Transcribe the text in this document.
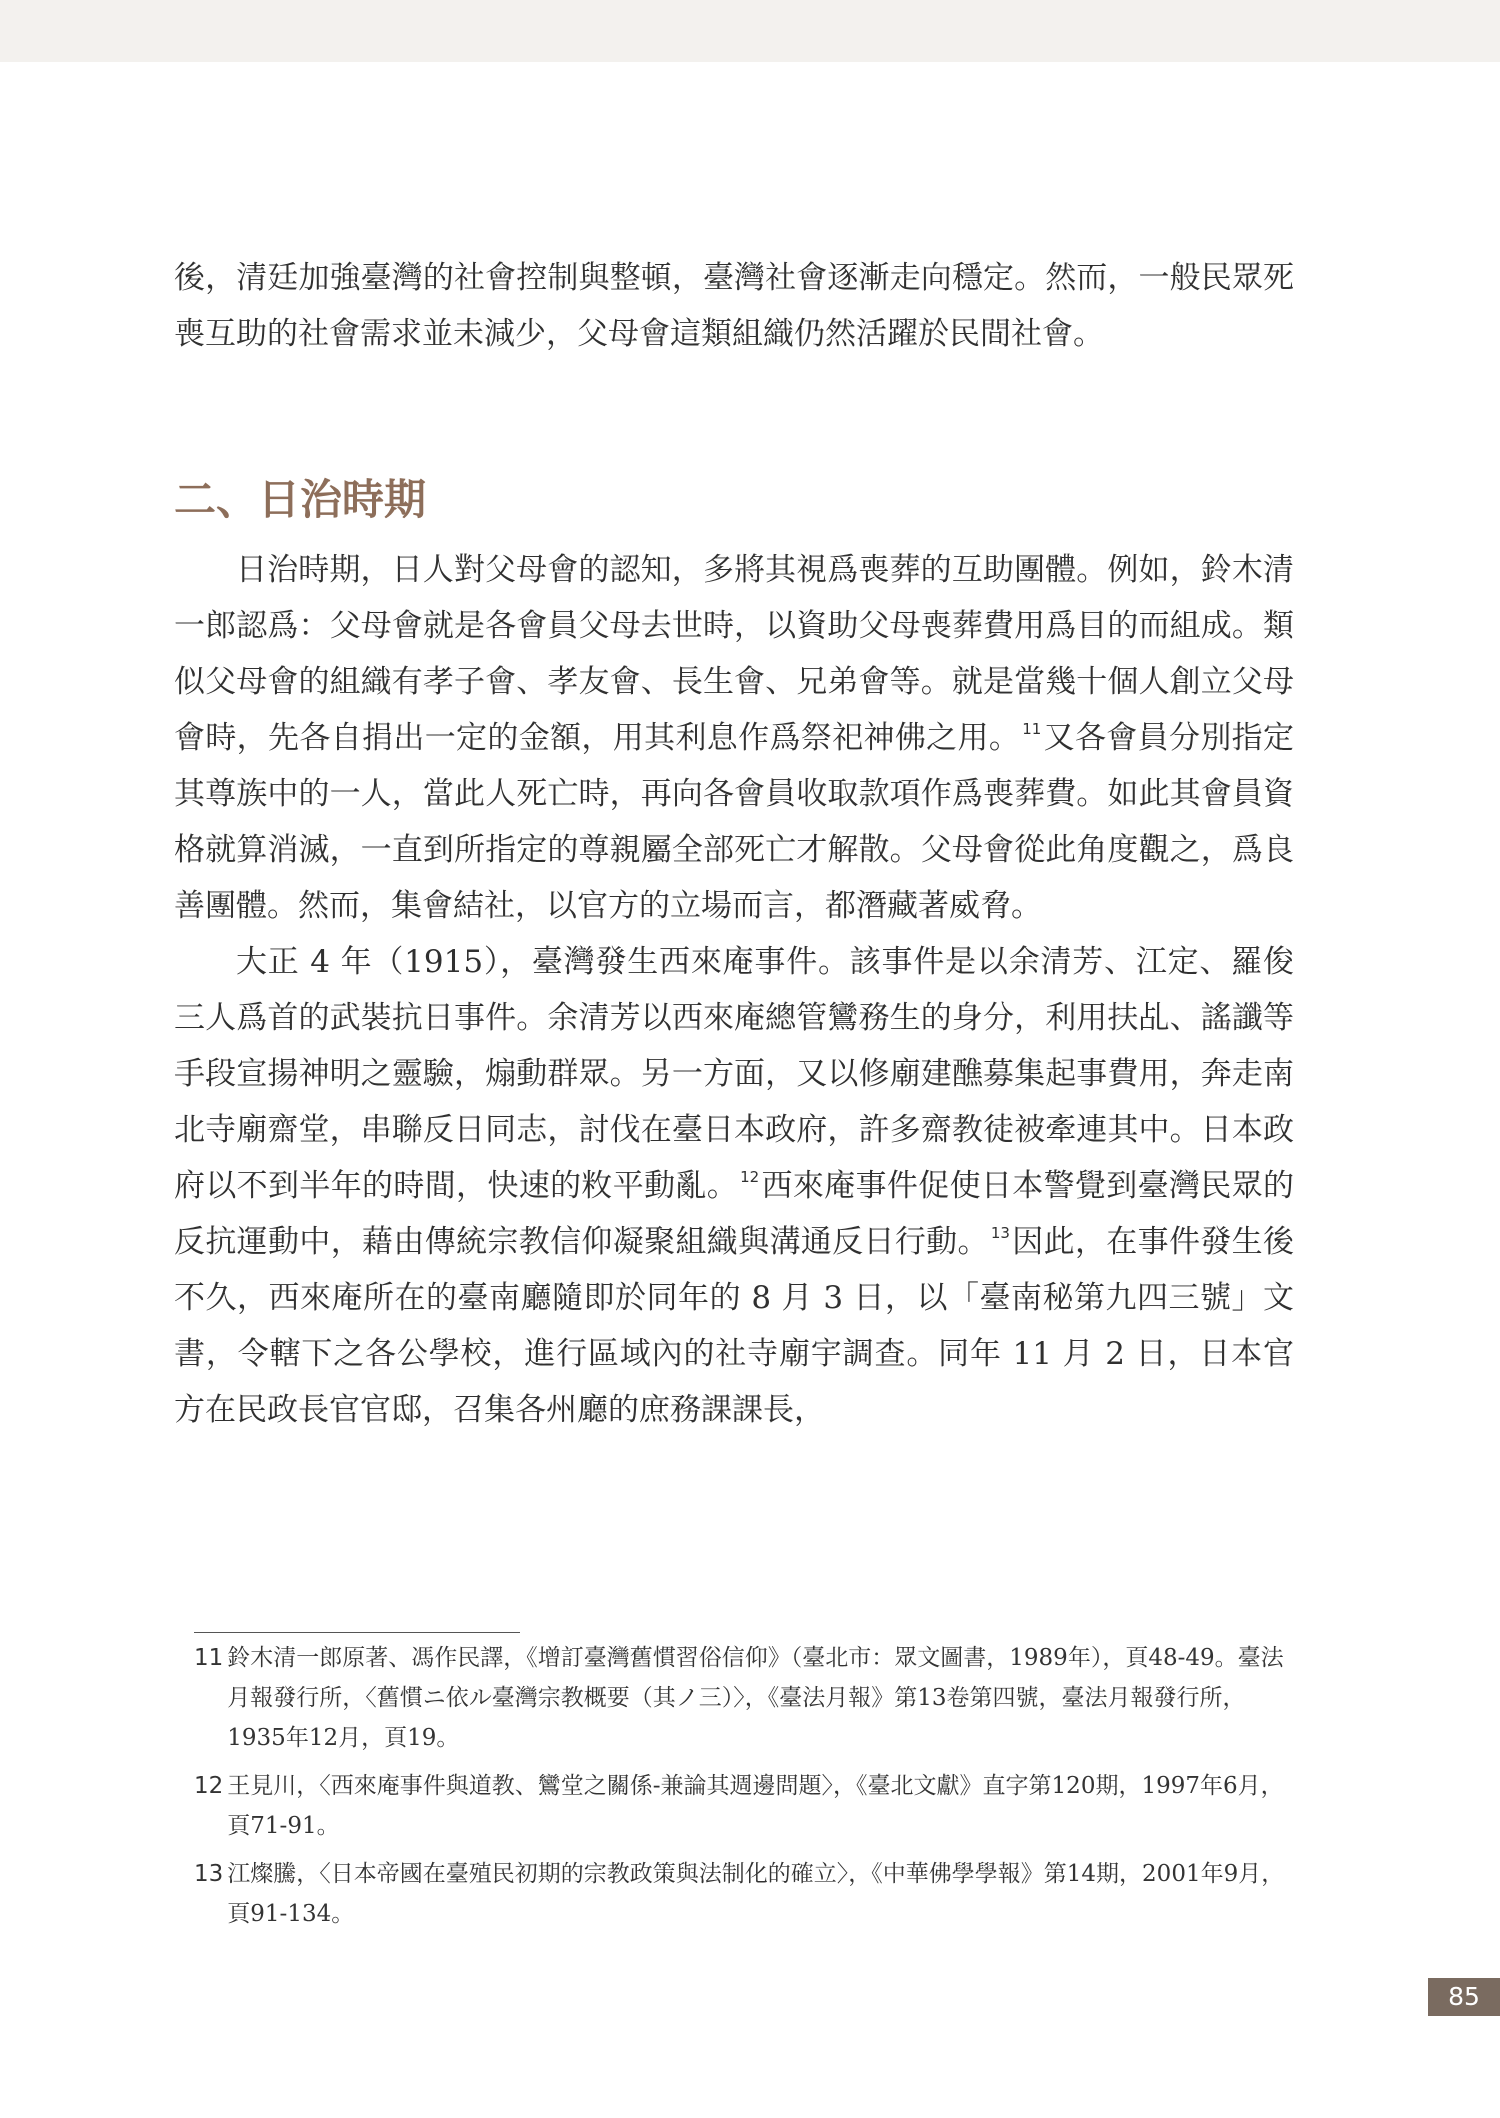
後，清廷加強臺灣的社會控制與整頓，臺灣社會逐漸走向穩定。然而，一般民眾死喪互助的社會需求並未減少，父母會這類組織仍然活躍於民間社會。

二、日治時期

日治時期，日人對父母會的認知，多將其視爲喪葬的互助團體。例如，鈴木清一郎認爲：父母會就是各會員父母去世時，以資助父母喪葬費用爲目的而組成。類似父母會的組織有孝子會、孝友會、長生會、兄弟會等。就是當幾十個人創立父母會時，先各自捐出一定的金額，用其利息作爲祭祀神佛之用。 $^{11}$又各會員分別指定其尊族中的一人，當此人死亡時，再向各會員收取款項作爲喪葬費。如此其會員資格就算消滅，一直到所指定的尊親屬全部死亡才解散。父母會從此角度觀之，爲良善團體。然而，集會結社，以官方的立場而言，都潛藏著威脅。

大正 4 年（1915），臺灣發生西來庵事件。該事件是以余清芳、江定、羅俊三人爲首的武裝抗日事件。余清芳以西來庵總管鸞務生的身分，利用扶乩、謠讖等手段宣揚神明之靈驗，煽動群眾。另一方面，又以修廟建醮募集起事費用，奔走南北寺廟齋堂，串聯反日同志，討伐在臺日本政府，許多齋教徒被牽連其中。日本政府以不到半年的時間，快速的敉平動亂。 $^{12}$西來庵事件促使日本警覺到臺灣民眾的反抗運動中，藉由傳統宗教信仰凝聚組織與溝通反日行動。 $^{13}$因此，在事件發生後不久，西來庵所在的臺南廳隨即於同年的 8 月 3 日，以「臺南秘第九四三號」文書，令轄下之各公學校，進行區域內的社寺廟宇調查。同年 11 月 2 日，日本官方在民政長官官邸，召集各州廳的庶務課課長，

11 鈴木清一郎原著、馮作民譯，《增訂臺灣舊慣習俗信仰》（臺北市：眾文圖書，1989年），頁48-49。臺法月報發行所，〈舊慣ニ依ル臺灣宗教概要（其ノ三）〉，《臺法月報》第13卷第四號，臺法月報發行所，1935年12月，頁19。
12 王見川，〈西來庵事件與道教、鸞堂之關係-兼論其週邊問題〉，《臺北文獻》直字第120期，1997年6月，頁71-91。
13 江燦騰，〈日本帝國在臺殖民初期的宗教政策與法制化的確立〉，《中華佛學學報》第14期，2001年9月，頁91-134。
85
